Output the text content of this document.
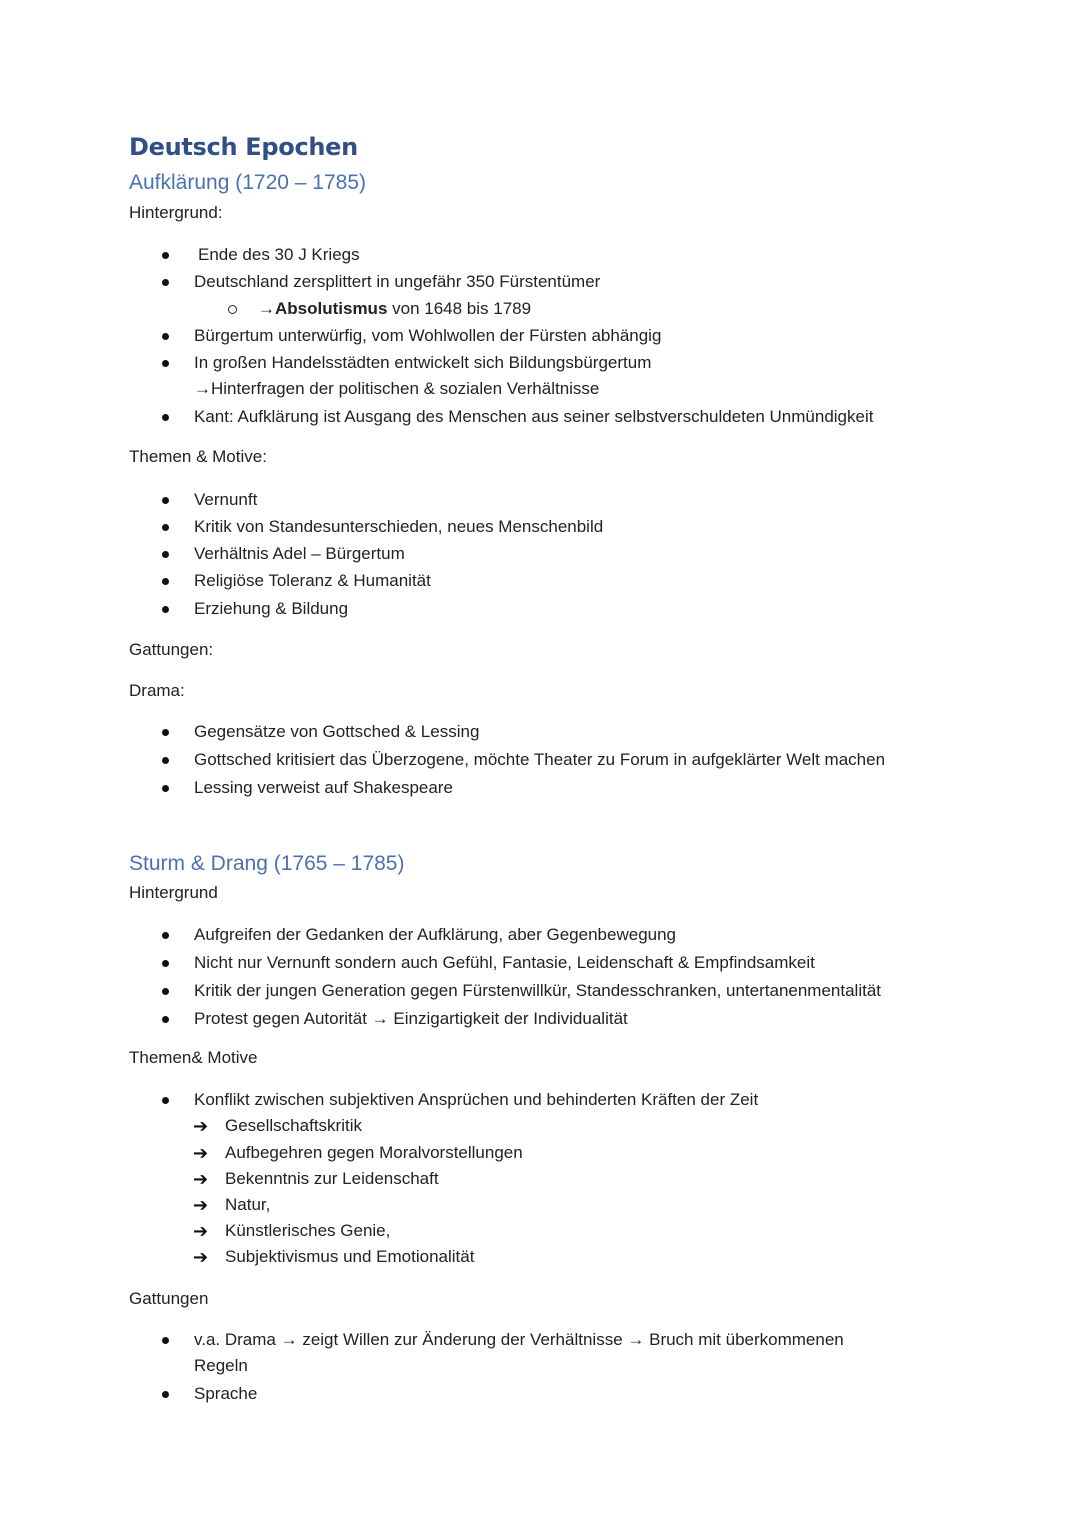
Deutsch Epochen
Aufklärung (1720 – 1785)
Hintergrund:
Ende des 30 J Kriegs
Deutschland zersplittert in ungefähr 350 Fürstentümer
→Absolutismus von 1648 bis 1789
Bürgertum unterwürfig, vom Wohlwollen der Fürsten abhängig
In großen Handelsstädten entwickelt sich Bildungsbürgertum
→Hinterfragen der politischen & sozialen Verhältnisse
Kant: Aufklärung ist Ausgang des Menschen aus seiner selbstverschuldeten Unmündigkeit
Themen & Motive:
Vernunft
Kritik von Standesunterschieden, neues Menschenbild
Verhältnis Adel – Bürgertum
Religiöse Toleranz & Humanität
Erziehung & Bildung
Gattungen:
Drama:
Gegensätze von Gottsched & Lessing
Gottsched kritisiert das Überzogene, möchte Theater zu Forum in aufgeklärter Welt machen
Lessing verweist auf Shakespeare
Sturm & Drang (1765 – 1785)
Hintergrund
Aufgreifen der Gedanken der Aufklärung, aber Gegenbewegung
Nicht nur Vernunft sondern auch Gefühl, Fantasie, Leidenschaft & Empfindsamkeit
Kritik der jungen Generation gegen Fürstenwillkür, Standesschranken, untertanenmentalität
Protest gegen Autorität → Einzigartigkeit der Individualität
Themen& Motive
Konflikt zwischen subjektiven Ansprüchen und behinderten Kräften der Zeit
➔ Gesellschaftskritik
➔ Aufbegehren gegen Moralvorstellungen
➔ Bekenntnis zur Leidenschaft
➔ Natur,
➔ Künstlerisches Genie,
➔ Subjektivismus und Emotionalität
Gattungen
v.a. Drama → zeigt Willen zur Änderung der Verhältnisse → Bruch mit überkommenen
Regeln
Sprache
